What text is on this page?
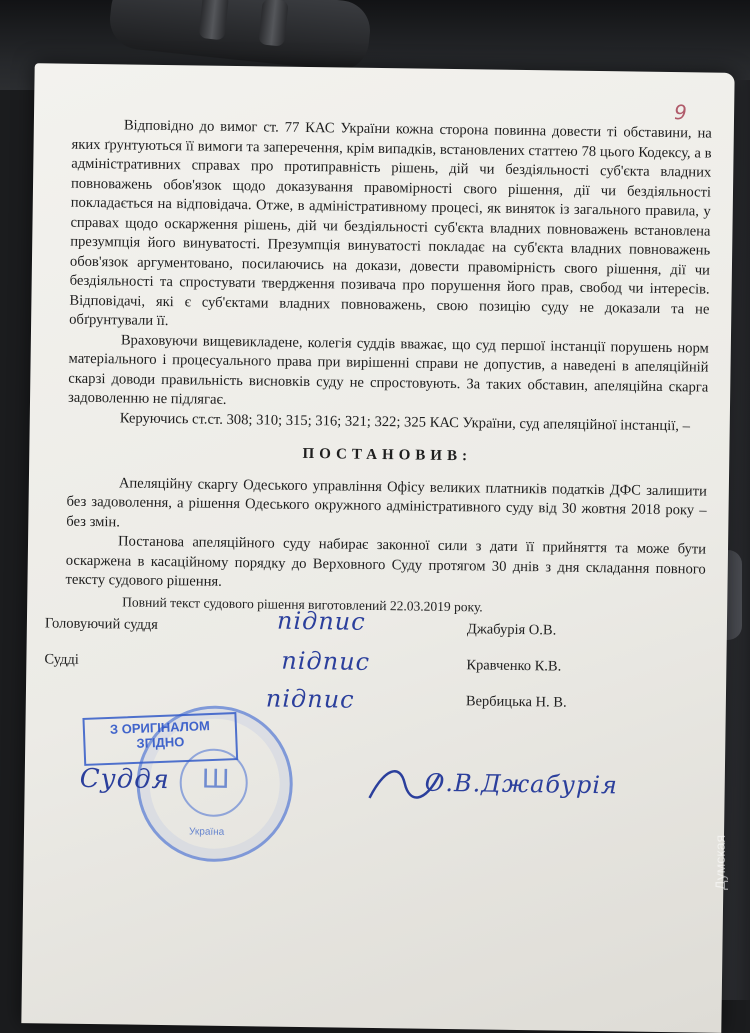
9

Відповідно до вимог ст. 77 КАС України кожна сторона повинна довести ті обставини, на яких ґрунтуються її вимоги та заперечення, крім випадків, встановлених статтею 78 цього Кодексу, а в адміністративних справах про протиправність рішень, дій чи бездіяльності суб'єкта владних повноважень обов'язок щодо доказування правомірності свого рішення, дії чи бездіяльності покладається на відповідача. Отже, в адміністративному процесі, як виняток із загального правила, у справах щодо оскарження рішень, дій чи бездіяльності суб'єкта владних повноважень встановлена презумпція його винуватості. Презумпція винуватості покладає на суб'єкта владних повноважень обов'язок аргументовано, посилаючись на докази, довести правомірність свого рішення, дії чи бездіяльності та спростувати твердження позивача про порушення його прав, свобод чи інтересів. Відповідачі, які є суб'єктами владних повноважень, свою позицію суду не доказали та не обґрунтували її.

Враховуючи вищевикладене, колегія суддів вважає, що суд першої інстанції порушень норм матеріального і процесуального права при вирішенні справи не допустив, а наведені в апеляційній скарзі доводи правильність висновків суду не спростовують. За таких обставин, апеляційна скарга задоволенню не підлягає.

Керуючись ст.ст. 308; 310; 315; 316; 321; 322; 325 КАС України, суд апеляційної інстанції, –

ПОСТАНОВИВ:

Апеляційну скаргу Одеського управління Офісу великих платників податків ДФС залишити без задоволення, а рішення Одеського окружного адміністративного суду від 30 жовтня 2018 року – без змін.

Постанова апеляційного суду набирає законної сили з дати її прийняття та може бути оскаржена в касаційному порядку до Верховного Суду протягом 30 днів з дня складання повного тексту судового рішення.

Повний текст судового рішення виготовлений 22.03.2019 року.
Головуючий суддя
Судді
підпис
підпис
підпис
Джабурія О.В.
Кравченко К.В.
Вербицька Н. В.
Ш
Україна
З ОРИГІНАЛОМ
ЗГІДНО
Суддя	О.В.Джабурія
Думская
